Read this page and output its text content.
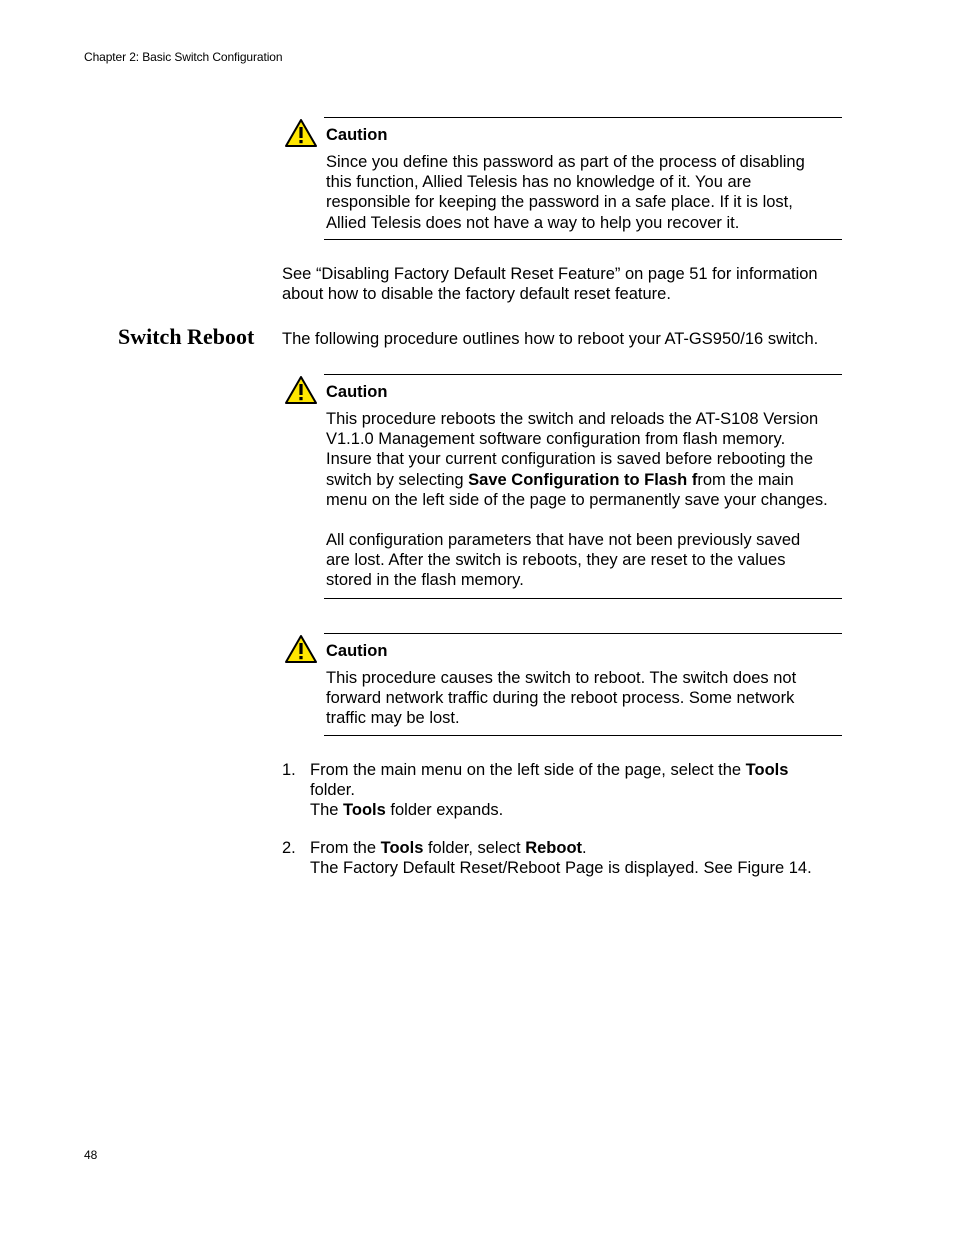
Chapter 2: Basic Switch Configuration
Caution

Since you define this password as part of the process of disabling
this function, Allied Telesis has no knowledge of it. You are
responsible for keeping the password in a safe place. If it is lost,
Allied Telesis does not have a way to help you recover it.

See “Disabling Factory Default Reset Feature” on page 51 for information
about how to disable the factory default reset feature.
Switch Reboot The following procedure outlines how to reboot your AT-GS950/16 switch.
Caution

This procedure reboots the switch and reloads the AT-S108 Version
V1.1.0 Management software configuration from flash memory.
Insure that your current configuration is saved before rebooting the
switch by selecting Save Configuration to Flash from the main
menu on the left side of the page to permanently save your changes.

All configuration parameters that have not been previously saved
are lost. After the switch is reboots, they are reset to the values
stored in the flash memory.

Caution

This procedure causes the switch to reboot. The switch does not
forward network traffic during the reboot process. Some network
traffic may be lost.

1. From the main menu on the left side of the page, select the Tools
folder.
The Tools folder expands.
2. From the Tools folder, select Reboot.
The Factory Default Reset/Reboot Page is displayed. See Figure 14.
48
